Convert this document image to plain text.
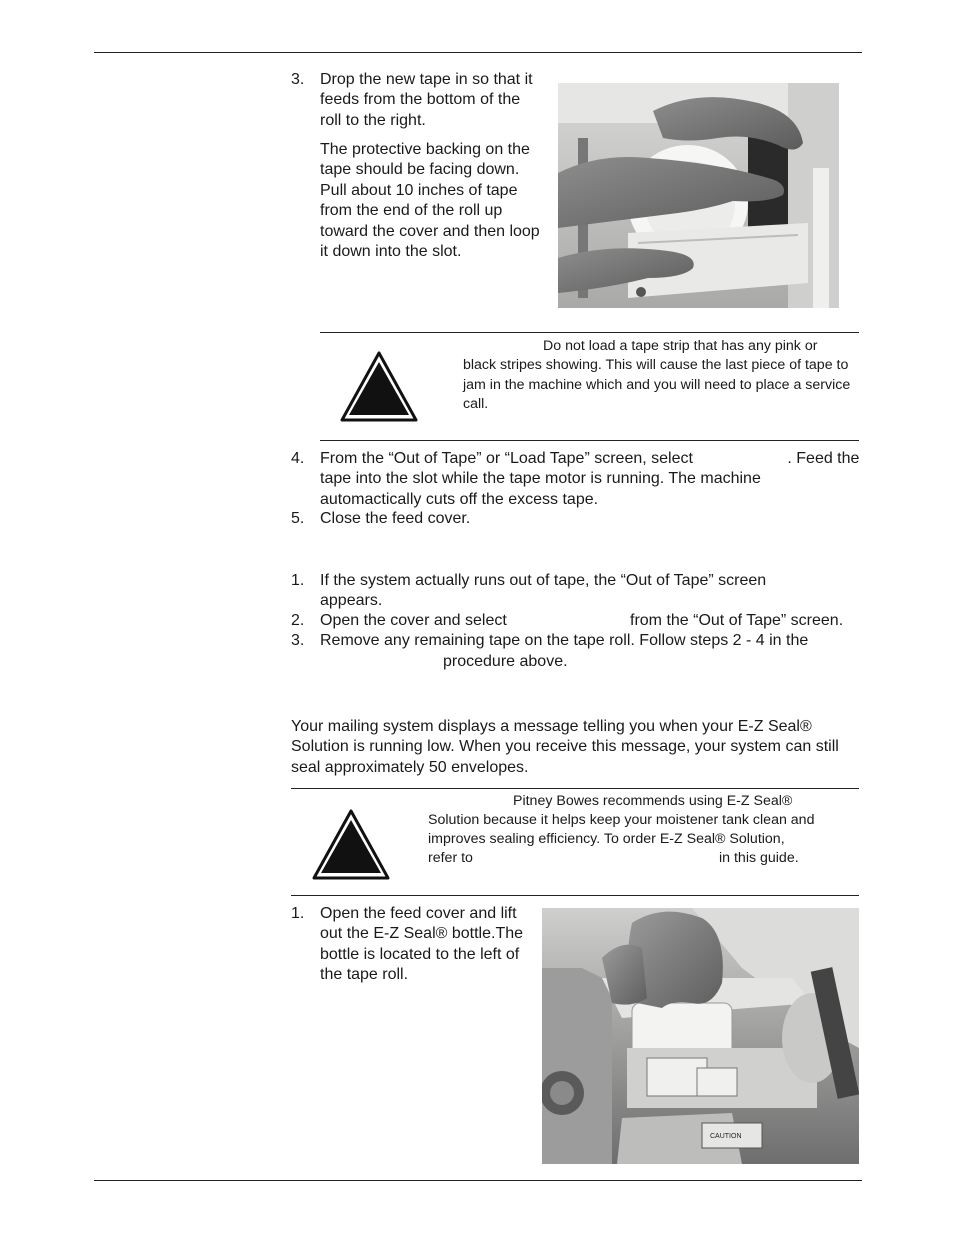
3. Drop the new tape in so that it feeds from the bottom of the roll to the right.
The protective backing on the tape should be facing down. Pull about 10 inches of tape from the end of the roll up toward the cover and then loop it down into the slot.
Do not load a tape strip that has any pink or black stripes showing. This will cause the last piece of tape to jam in the machine which and you will need to place a service call.
4. From the “Out of Tape” or “Load Tape” screen, select	. Feed the tape into the slot while the tape motor is running. The machine automactically cuts off the excess tape.
5. Close the feed cover.
1. If the system actually runs out of tape, the “Out of Tape” screen appears.
2. Open the cover and select	from the “Out of Tape” screen.
3. Remove any remaining tape on the tape roll. Follow steps 2 - 4 in the
procedure above.
Your mailing system displays a message telling you when your E-Z Seal® Solution is running low. When you receive this message, your system can still seal approximately 50 envelopes.
Pitney Bowes recommends using E-Z Seal®
Solution because it helps keep your moistener tank clean and improves sealing efficiency. To order E-Z Seal® Solution,
refer to	in this guide.
1. Open the feed cover and lift out the E-Z Seal® bottle.The bottle is located to the left of the tape roll.
CAUTION
